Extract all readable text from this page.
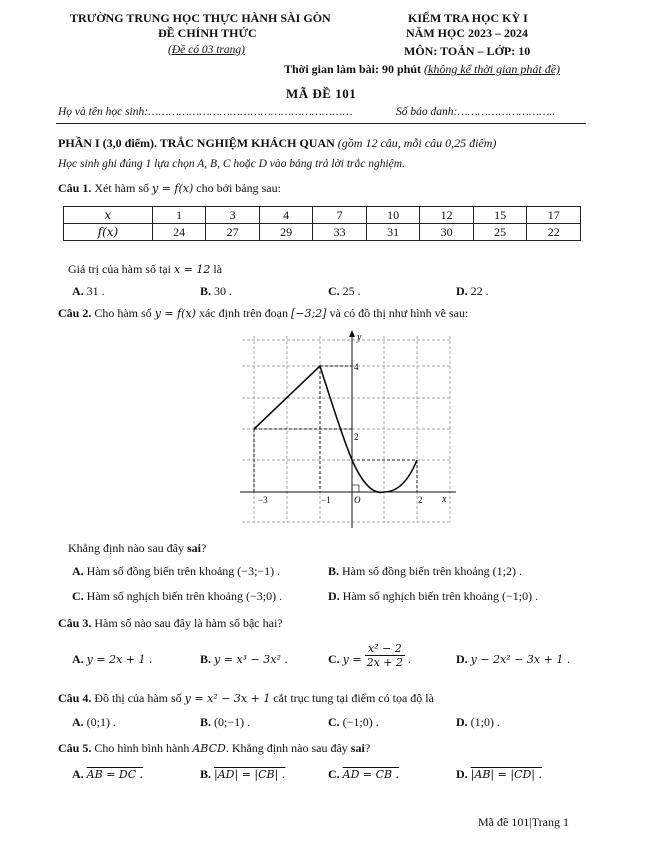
TRƯỜNG TRUNG HỌC THỰC HÀNH SÀI GÒN
ĐỀ CHÍNH THỨC
(Đề có 03 trang)
KIỂM TRA HỌC KỲ I
NĂM HỌC 2023 – 2024
MÔN: TOÁN – LỚP: 10
Thời gian làm bài: 90 phút (không kể thời gian phát đề)
MÃ ĐỀ 101
Họ và tên học sinh:……………………………………………………	Số báo danh:………………………..
PHẦN I (3,0 điểm). TRẮC NGHIỆM KHÁCH QUAN (gồm 12 câu, mỗi câu 0,25 điểm)
Học sinh ghi đúng 1 lựa chọn A, B, C hoặc D vào bảng trả lời trắc nghiệm.
Câu 1. Xét hàm số y = f(x) cho bởi bảng sau:
x	1	3	4	7	10	12	15	17
f(x)	24	27	29	33	31	30	25	22
Giá trị của hàm số tại x = 12 là
A. 31 .	B. 30 .	C. 25 .	D. 22 .
Câu 2. Cho hàm số y = f(x) xác định trên đoạn [−3;2] và có đồ thị như hình vẽ sau:
y
x
O
4
2
−3	−1	2
Khẳng định nào sau đây sai?
A. Hàm số đồng biến trên khoảng (−3;−1) .	B. Hàm số đồng biến trên khoảng (1;2) .
C. Hàm số nghịch biến trên khoảng (−3;0) .	D. Hàm số nghịch biến trên khoảng (−1;0) .
Câu 3. Hàm số nào sau đây là hàm số bậc hai?
A. y = 2x + 1 .	B. y = x³ − 3x² .	C. $y = \frac{\text{x² − 2}}{2x + 2}$ .	D. y − 2x² − 3x + 1 .
Câu 4. Đồ thị của hàm số y = x² − 3x + 1 cắt trục tung tại điểm có tọa độ là
A. (0;1) .	B. (0;−1) .	C. (−1;0) .	D. (1;0) .
Câu 5. Cho hình bình hành ABCD. Khẳng định nào sau đây sai?
A. AB = DC .	B. |AD| = |CB| .	C. AD = CB .	D. |AB| = |CD| .
Mã đề 101|Trang 1
